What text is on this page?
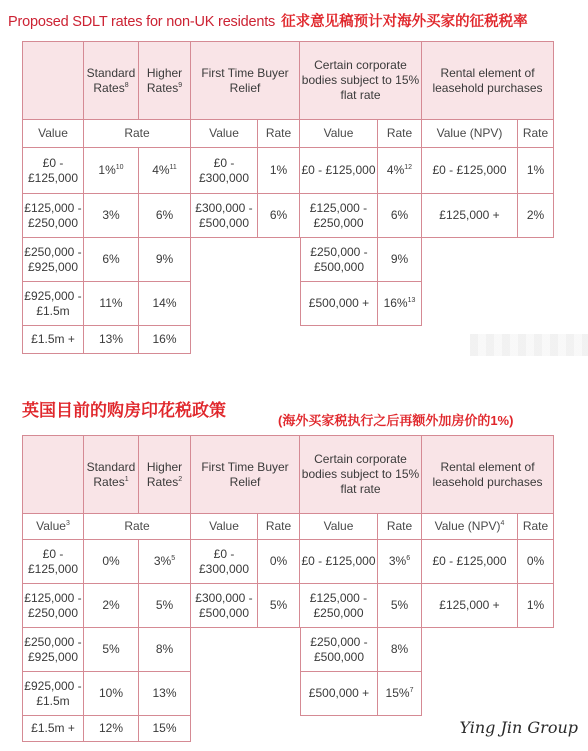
Proposed SDLT rates for non-UK residents 征求意见稿预计对海外买家的征税税率
	Standard Rates$^8$	Higher Rates$^9$	First Time Buyer Relief		Certain corporate bodies subject to 15% flat rate		Rental element of leasehold purchases	
Value	Rate		Value	Rate	Value	Rate	Value (NPV)	Rate
£0 - £125,000	1%$^{10}$	4%$^{11}$	£0 - £300,000	1%	£0 - £125,000	4%$^{12}$	£0 - £125,000	1%
£125,000 - £250,000	3%	6%	£300,000 - £500,000	6%	£125,000 - £250,000	6%	£125,000 +	2%
£250,000 - £925,000	6%	9%			£250,000 - £500,000	9%		
£925,000 - £1.5m	11%	14%			£500,000 +	16%$^{13}$		
£1.5m +	13%	16%						
英国目前的购房印花税政策
(海外买家税执行之后再额外加房价的1%)
	Standard Rates$^1$	Higher Rates$^2$	First Time Buyer Relief		Certain corporate bodies subject to 15% flat rate		Rental element of leasehold purchases	
Value$^3$	Rate		Value	Rate	Value	Rate	Value (NPV)$^4$	Rate
£0 - £125,000	0%	3%$^5$	£0 - £300,000	0%	£0 - £125,000	3%$^6$	£0 - £125,000	0%
£125,000 - £250,000	2%	5%	£300,000 - £500,000	5%	£125,000 - £250,000	5%	£125,000 +	1%
£250,000 - £925,000	5%	8%			£250,000 - £500,000	8%		
£925,000 - £1.5m	10%	13%			£500,000 +	15%$^7$		
£1.5m +	12%	15%							Ying Jin Group
